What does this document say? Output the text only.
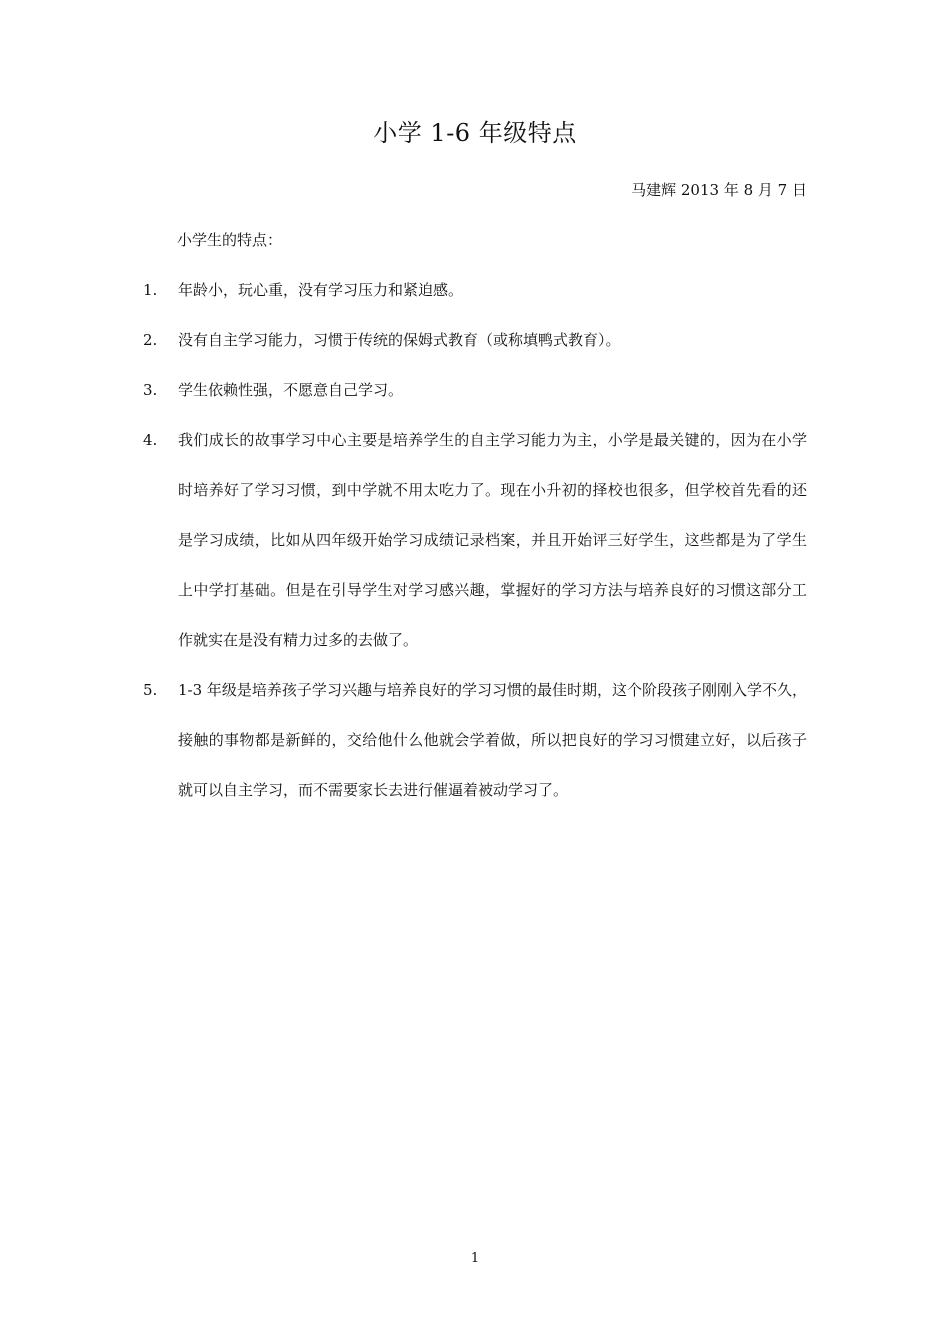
小学 1-6 年级特点
马建辉 2013 年 8 月 7 日
小学生的特点：
1.	年龄小，玩心重，没有学习压力和紧迫感。
2.	没有自主学习能力，习惯于传统的保姆式教育（或称填鸭式教育）。
3.	学生依赖性强，不愿意自己学习。
4.	我们成长的故事学习中心主要是培养学生的自主学习能力为主，小学是最关键的，因为在小学时培养好了学习习惯，到中学就不用太吃力了。现在小升初的择校也很多，但学校首先看的还是学习成绩，比如从四年级开始学习成绩记录档案，并且开始评三好学生，这些都是为了学生上中学打基础。但是在引导学生对学习感兴趣，掌握好的学习方法与培养良好的习惯这部分工作就实在是没有精力过多的去做了。
5.	1-3 年级是培养孩子学习兴趣与培养良好的学习习惯的最佳时期，这个阶段孩子刚刚入学不久，接触的事物都是新鲜的，交给他什么他就会学着做，所以把良好的学习习惯建立好，以后孩子就可以自主学习，而不需要家长去进行催逼着被动学习了。
1
